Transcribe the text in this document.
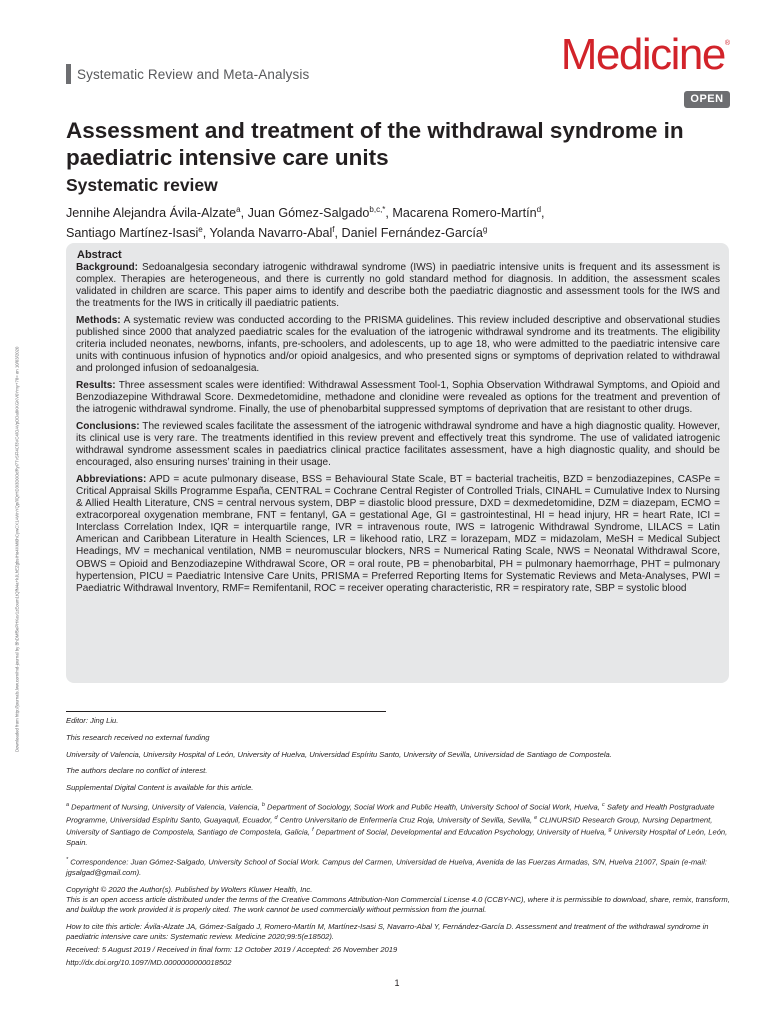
Downloaded from http://journals.lww.com/md-journal by BhDMf5ePHKav1zEoum1tQfN4a+kJLhEZgbsIHo4XMi0hCywCX1AWnYQp/IlQrHD3i3D0OdRyi7TvSFl4Cf3VC4/OAVpDDa8KKGKV0Ymy+78= on 10/03/2020
Systematic Review and Meta-Analysis	Medicine®
OPEN
Assessment and treatment of the withdrawal syndrome in paediatric intensive care units
Systematic review
Jennihe Alejandra Ávila-Alzate$^a$, Juan Gómez-Salgado$^{b,c,*}$, Macarena Romero-Martín$^d$,
Santiago Martínez-Isasi$^e$, Yolanda Navarro-Abal$^f$, Daniel Fernández-García$^g$
Abstract

Background: Sedoanalgesia secondary iatrogenic withdrawal syndrome (IWS) in paediatric intensive units is frequent and its assessment is complex. Therapies are heterogeneous, and there is currently no gold standard method for diagnosis. In addition, the assessment scales validated in children are scarce. This paper aims to identify and describe both the paediatric diagnostic and assessment tools for the IWS and the treatments for the IWS in critically ill paediatric patients.

Methods: A systematic review was conducted according to the PRISMA guidelines. This review included descriptive and observational studies published since 2000 that analyzed paediatric scales for the evaluation of the iatrogenic withdrawal syndrome and its treatments. The eligibility criteria included neonates, newborns, infants, pre-schoolers, and adolescents, up to age 18, who were admitted to the paediatric intensive care units with continuous infusion of hypnotics and/or opioid analgesics, and who presented signs or symptoms of deprivation related to withdrawal and prolonged infusion of sedoanalgesia.

Results: Three assessment scales were identified: Withdrawal Assessment Tool-1, Sophia Observation Withdrawal Symptoms, and Opioid and Benzodiazepine Withdrawal Score. Dexmedetomidine, methadone and clonidine were revealed as options for the treatment and prevention of the iatrogenic withdrawal syndrome. Finally, the use of phenobarbital suppressed symptoms of deprivation that are resistant to other drugs.

Conclusions: The reviewed scales facilitate the assessment of the iatrogenic withdrawal syndrome and have a high diagnostic quality. However, its clinical use is very rare. The treatments identified in this review prevent and effectively treat this syndrome. The use of validated iatrogenic withdrawal syndrome assessment scales in paediatrics clinical practice facilitates assessment, have a high diagnostic quality, and should be encouraged, also ensuring nurses’ training in their usage.

Abbreviations: APD = acute pulmonary disease, BSS = Behavioural State Scale, BT = bacterial tracheitis, BZD = benzodiazepines, CASPe = Critical Appraisal Skills Programme España, CENTRAL = Cochrane Central Register of Controlled Trials, CINAHL = Cumulative Index to Nursing & Allied Health Literature, CNS = central nervous system, DBP = diastolic blood pressure, DXD = dexmedetomidine, DZM = diazepam, ECMO = extracorporeal oxygenation membrane, FNT = fentanyl, GA = gestational Age, GI = gastrointestinal, HI = head injury, HR = heart Rate, ICI = Interclass Correlation Index, IQR = interquartile range, IVR = intravenous route, IWS = Iatrogenic Withdrawal Syndrome, LILACS = Latin American and Caribbean Literature in Health Sciences, LR = likehood ratio, LRZ = lorazepam, MDZ = midazolam, MeSH = Medical Subject Headings, MV = mechanical ventilation, NMB = neuromuscular blockers, NRS = Numerical Rating Scale, NWS = Neonatal Withdrawal Score, OBWS = Opioid and Benzodiazepine Withdrawal Score, OR = oral route, PB = phenobarbital, PH = pulmonary haemorrhage, PHT = pulmonary hypertension, PICU = Paediatric Intensive Care Units, PRISMA = Preferred Reporting Items for Systematic Reviews and Meta-Analyses, PWI = Paediatric Withdrawal Inventory, RMF= Remifentanil, ROC = receiver operating characteristic, RR = respiratory rate, SBP = systolic blood

Editor: Jing Liu.

This research received no external funding

University of Valencia, University Hospital of León, University of Huelva, Universidad Espíritu Santo, University of Sevilla, Universidad de Santiago de Compostela.

The authors declare no conflict of interest.

Supplemental Digital Content is available for this article.

$^a$ Department of Nursing, University of Valencia, Valencia, $^b$ Department of Sociology, Social Work and Public Health, University School of Social Work, Huelva, $^c$ Safety and Health Postgraduate Programme, Universidad Espíritu Santo, Guayaquil, Ecuador, $^d$ Centro Universitario de Enfermería Cruz Roja, University of Sevilla, Sevilla, $^e$ CLINURSID Research Group, Nursing Department, University of Santiago de Compostela, Santiago de Compostela, Galicia, $^f$ Department of Social, Developmental and Education Psychology, University of Huelva, $^g$ University Hospital of León, León, Spain.

* Correspondence: Juan Gómez-Salgado, University School of Social Work. Campus del Carmen, Universidad de Huelva, Avenida de las Fuerzas Armadas, S/N, Huelva 21007, Spain (e-mail: jgsalgad@gmail.com).

Copyright © 2020 the Author(s). Published by Wolters Kluwer Health, Inc.

This is an open access article distributed under the terms of the Creative Commons Attribution-Non Commercial License 4.0 (CCBY-NC), where it is permissible to download, share, remix, transform, and buildup the work provided it is properly cited. The work cannot be used commercially without permission from the journal.

How to cite this article: Ávila-Alzate JA, Gómez-Salgado J, Romero-Martín M, Martínez-Isasi S, Navarro-Abal Y, Fernández-García D. Assessment and treatment of the withdrawal syndrome in paediatric intensive care units: Systematic review. Medicine 2020;99:5(e18502).

Received: 5 August 2019 / Received in final form: 12 October 2019 / Accepted: 26 November 2019

http://dx.doi.org/10.1097/MD.0000000000018502

1
